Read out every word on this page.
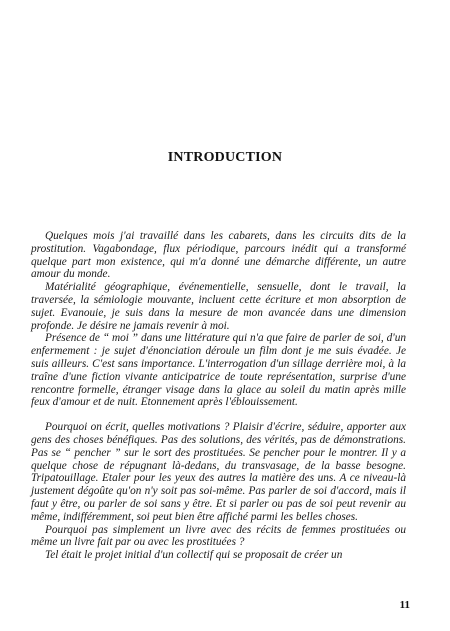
INTRODUCTION

Quelques mois j'ai travaillé dans les cabarets, dans les circuits dits de la prostitution. Vagabondage, flux périodique, parcours inédit qui a transformé quelque part mon existence, qui m'a donné une démarche différente, un autre amour du monde.

Matérialité géographique, événementielle, sensuelle, dont le travail, la traversée, la sémiologie mouvante, incluent cette écriture et mon absorption de sujet. Evanouie, je suis dans la mesure de mon avancée dans une dimension profonde. Je désire ne jamais revenir à moi.

Présence de “ moi ” dans une littérature qui n'a que faire de parler de soi, d'un enfermement : je sujet d'énonciation déroule un film dont je me suis évadée. Je suis ailleurs. C'est sans importance. L'interrogation d'un sillage derrière moi, à la traîne d'une fiction vivante anticipatrice de toute représentation, surprise d'une rencontre formelle, étranger visage dans la glace au soleil du matin après mille feux d'amour et de nuit. Etonnement après l'éblouissement.

Pourquoi on écrit, quelles motivations ? Plaisir d'écrire, séduire, apporter aux gens des choses bénéfiques. Pas des solutions, des vérités, pas de démonstrations. Pas se “ pencher ” sur le sort des prostituées. Se pencher pour le montrer. Il y a quelque chose de répugnant là-dedans, du transvasage, de la basse besogne. Tripatouillage. Etaler pour les yeux des autres la matière des uns. A ce niveau-là justement dégoûte qu'on n'y soit pas soi-même. Pas parler de soi d'accord, mais il faut y être, ou parler de soi sans y être. Et si parler ou pas de soi peut revenir au même, indifféremment, soi peut bien être affiché parmi les belles choses.

Pourquoi pas simplement un livre avec des récits de femmes prostituées ou même un livre fait par ou avec les prostituées ?

Tel était le projet initial d'un collectif qui se proposait de créer un

11
